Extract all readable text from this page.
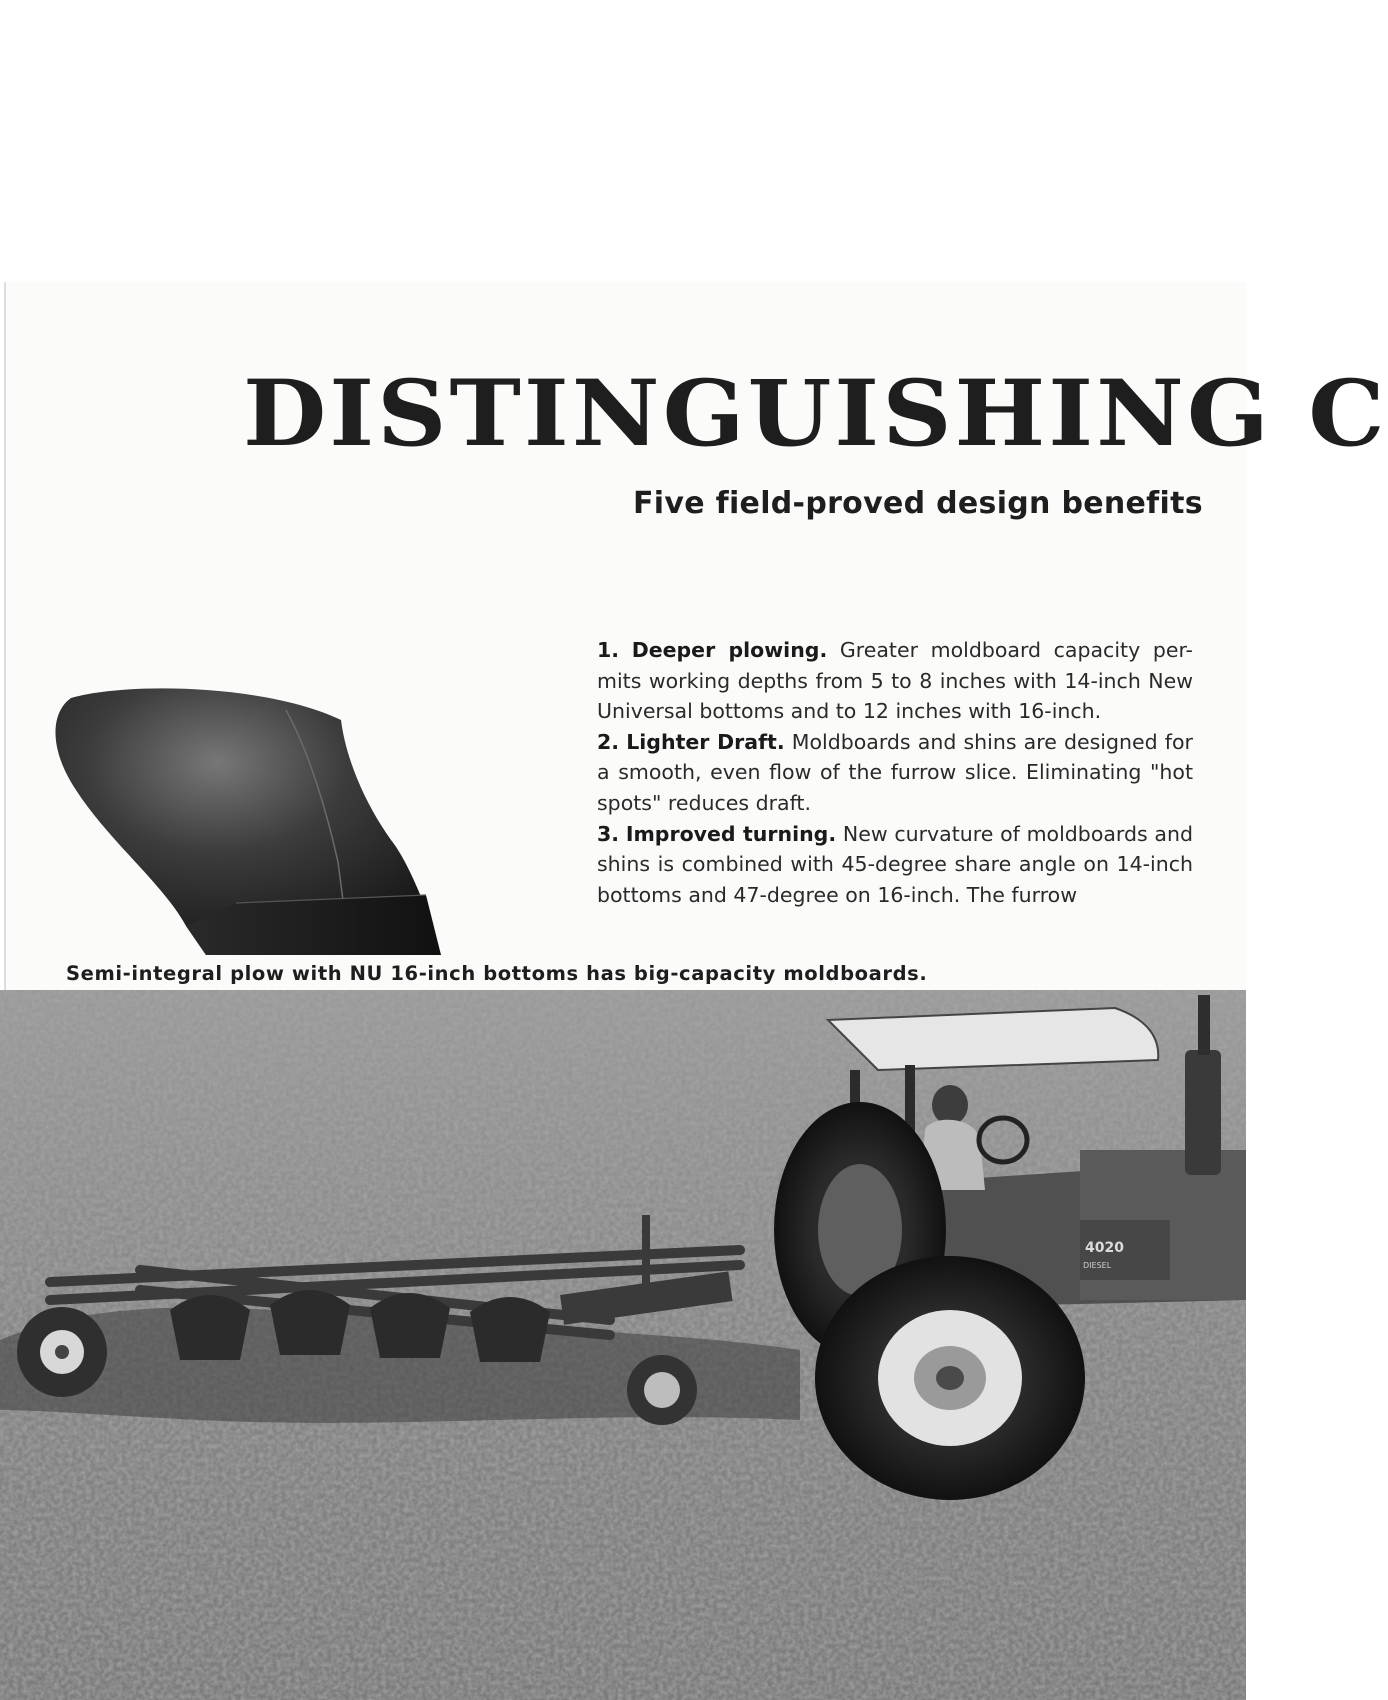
DISTINGUISHING C
Five field-proved design benefits

1. Deeper plowing. Greater moldboard capacity per-mits working depths from 5 to 8 inches with 14-inch New Universal bottoms and to 12 inches with 16-inch.

2. Lighter Draft. Moldboards and shins are designed for a smooth, even flow of the furrow slice. Eliminating "hot spots" reduces draft.

3. Improved turning. New curvature of moldboards and shins is combined with 45-degree share angle on 14-inch bottoms and 47-degree on 16-inch. The furrow

Semi-integral plow with NU 16-inch bottoms has big-capacity moldboards.
4020
DIESEL
